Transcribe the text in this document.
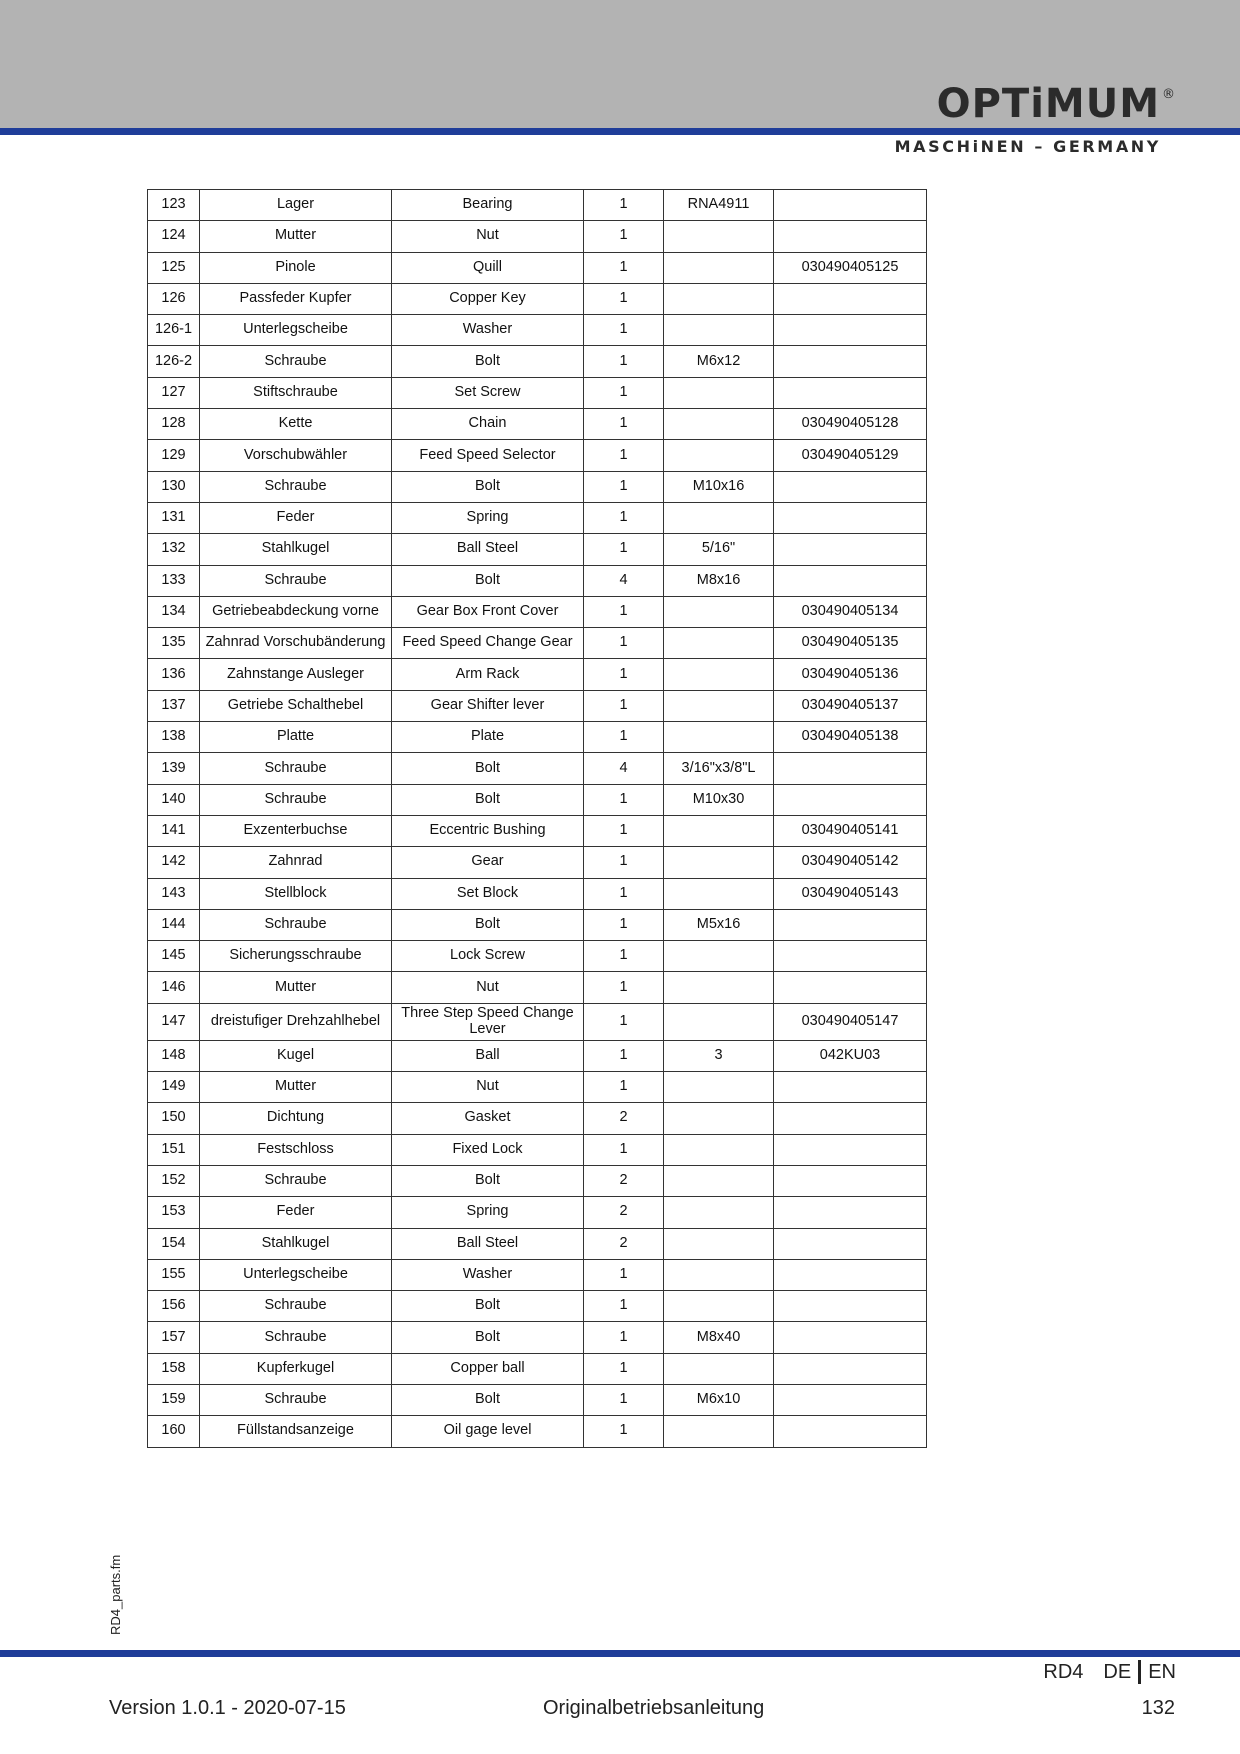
OPTiMUM ®
MASCHiNEN – GERMANY
123	Lager	Bearing	1	RNA4911	
124	Mutter	Nut	1		
125	Pinole	Quill	1		030490405125
126	Passfeder Kupfer	Copper Key	1		
126-1	Unterlegscheibe	Washer	1		
126-2	Schraube	Bolt	1	M6x12	
127	Stiftschraube	Set Screw	1		
128	Kette	Chain	1		030490405128
129	Vorschubwähler	Feed Speed Selector	1		030490405129
130	Schraube	Bolt	1	M10x16	
131	Feder	Spring	1		
132	Stahlkugel	Ball Steel	1	5/16"	
133	Schraube	Bolt	4	M8x16	
134	Getriebeabdeckung vorne	Gear Box Front Cover	1		030490405134
135	Zahnrad Vorschubänderung	Feed Speed Change Gear	1		030490405135
136	Zahnstange Ausleger	Arm Rack	1		030490405136
137	Getriebe Schalthebel	Gear Shifter lever	1		030490405137
138	Platte	Plate	1		030490405138
139	Schraube	Bolt	4	3/16"x3/8"L	
140	Schraube	Bolt	1	M10x30	
141	Exzenterbuchse	Eccentric Bushing	1		030490405141
142	Zahnrad	Gear	1		030490405142
143	Stellblock	Set Block	1		030490405143
144	Schraube	Bolt	1	M5x16	
145	Sicherungsschraube	Lock Screw	1		
146	Mutter	Nut	1		
147	dreistufiger Drehzahlhebel	Three Step Speed Change Lever	1		030490405147
148	Kugel	Ball	1	3	042KU03
149	Mutter	Nut	1		
150	Dichtung	Gasket	2		
151	Festschloss	Fixed Lock	1		
152	Schraube	Bolt	2		
153	Feder	Spring	2		
154	Stahlkugel	Ball Steel	2		
155	Unterlegscheibe	Washer	1		
156	Schraube	Bolt	1		
157	Schraube	Bolt	1	M8x40	
158	Kupferkugel	Copper ball	1		
159	Schraube	Bolt	1	M6x10	
160	Füllstandsanzeige	Oil gage level	1		
RD4_parts.fm
RD4 DE EN
Version 1.0.1 - 2020-07-15	Originalbetriebsanleitung	132
